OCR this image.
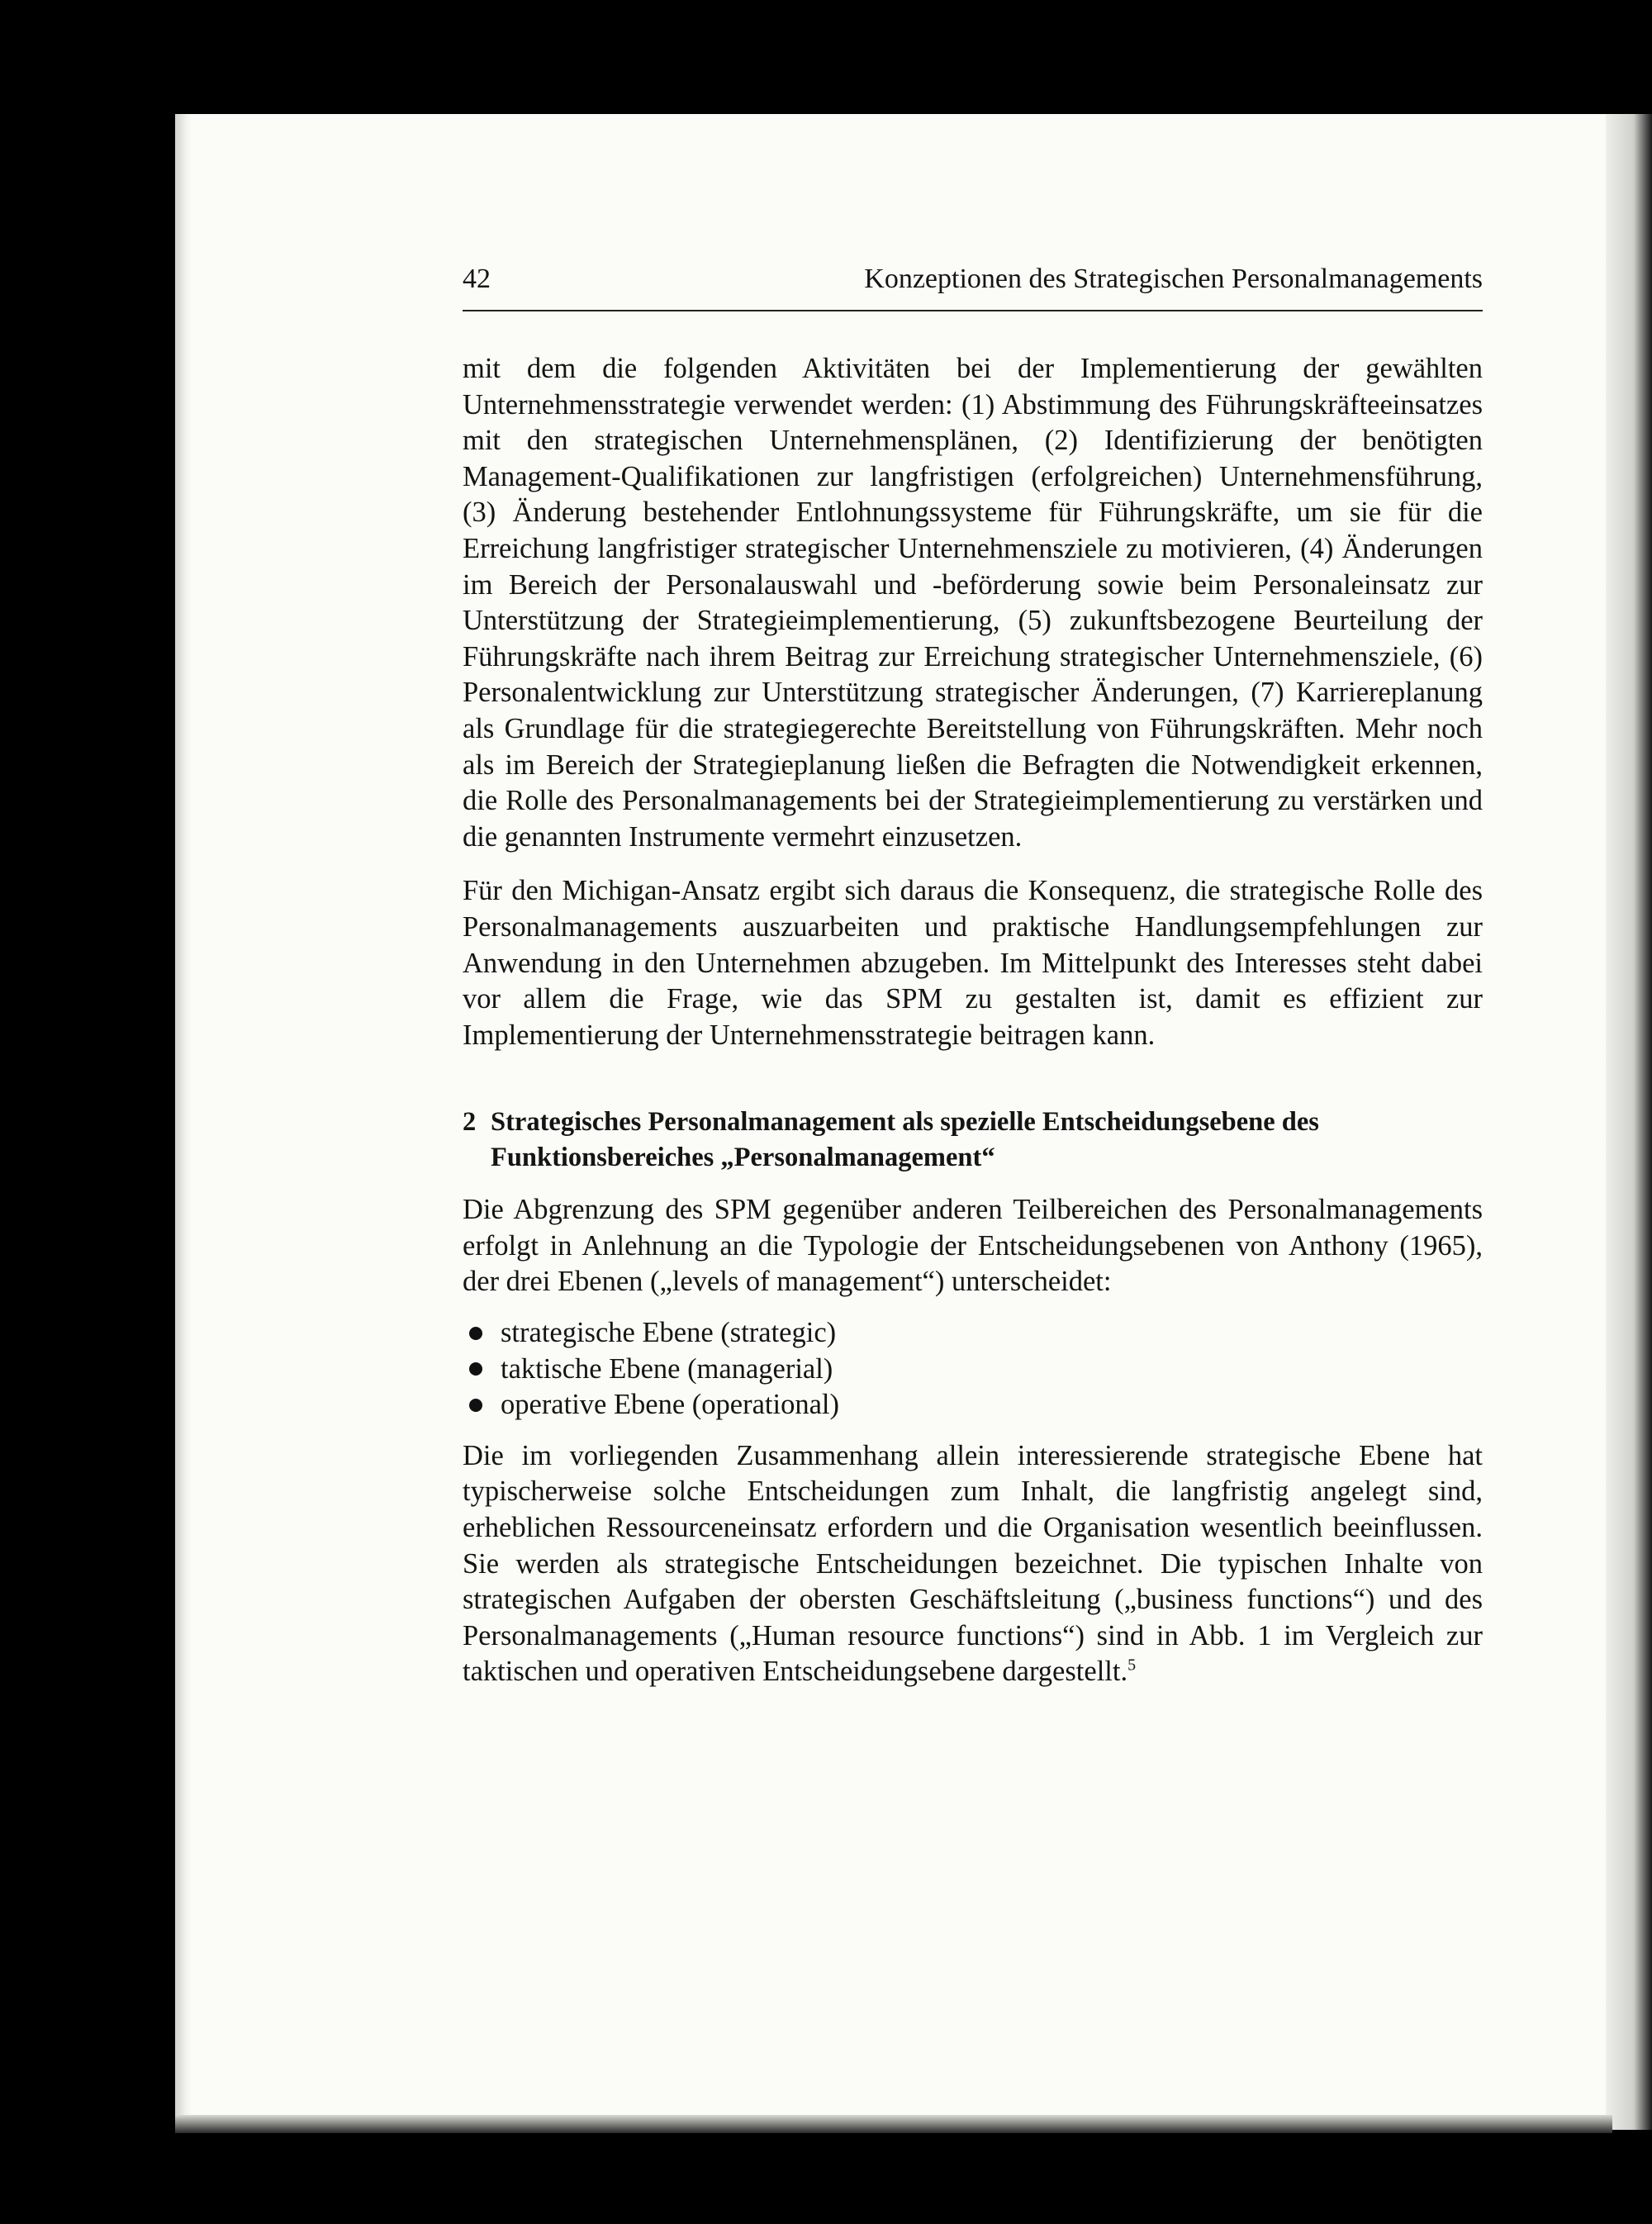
42	Konzeptionen des Strategischen Personalmanagements

mit dem die folgenden Aktivitäten bei der Implementierung der gewählten Unternehmensstrategie verwendet werden: (1) Abstimmung des Führungskräfteeinsatzes mit den strategischen Unternehmensplänen, (2) Identifizierung der benötigten Management-Qualifikationen zur langfristigen (erfolgreichen) Unternehmensführung, (3) Änderung bestehender Entlohnungssysteme für Führungskräfte, um sie für die Erreichung langfristiger strategischer Unternehmensziele zu motivieren, (4) Änderungen im Bereich der Personalauswahl und -beförderung sowie beim Personaleinsatz zur Unterstützung der Strategieimplementierung, (5) zukunftsbezogene Beurteilung der Führungskräfte nach ihrem Beitrag zur Erreichung strategischer Unternehmensziele, (6) Personalentwicklung zur Unterstützung strategischer Änderungen, (7) Karriereplanung als Grundlage für die strategiegerechte Bereitstellung von Führungskräften. Mehr noch als im Bereich der Strategieplanung ließen die Befragten die Notwendigkeit erkennen, die Rolle des Personalmanagements bei der Strategieimplementierung zu verstärken und die genannten Instrumente vermehrt einzusetzen.

Für den Michigan-Ansatz ergibt sich daraus die Konsequenz, die strategische Rolle des Personalmanagements auszuarbeiten und praktische Handlungsempfehlungen zur Anwendung in den Unternehmen abzugeben. Im Mittelpunkt des Interesses steht dabei vor allem die Frage, wie das SPM zu gestalten ist, damit es effizient zur Implementierung der Unternehmensstrategie beitragen kann.

2 Strategisches Personalmanagement als spezielle Entscheidungsebene des Funktionsbereiches „Personalmanagement“

Die Abgrenzung des SPM gegenüber anderen Teilbereichen des Personalmanagements erfolgt in Anlehnung an die Typologie der Entscheidungsebenen von Anthony (1965), der drei Ebenen („levels of management“) unterscheidet:

strategische Ebene (strategic)
taktische Ebene (managerial)
operative Ebene (operational)

Die im vorliegenden Zusammenhang allein interessierende strategische Ebene hat typischerweise solche Entscheidungen zum Inhalt, die langfristig angelegt sind, erheblichen Ressourceneinsatz erfordern und die Organisation wesentlich beeinflussen. Sie werden als strategische Entscheidungen bezeichnet. Die typischen Inhalte von strategischen Aufgaben der obersten Geschäftsleitung („business functions“) und des Personalmanagements („Human resource functions“) sind in Abb. 1 im Vergleich zur taktischen und operativen Entscheidungsebene dargestellt.$^5$
